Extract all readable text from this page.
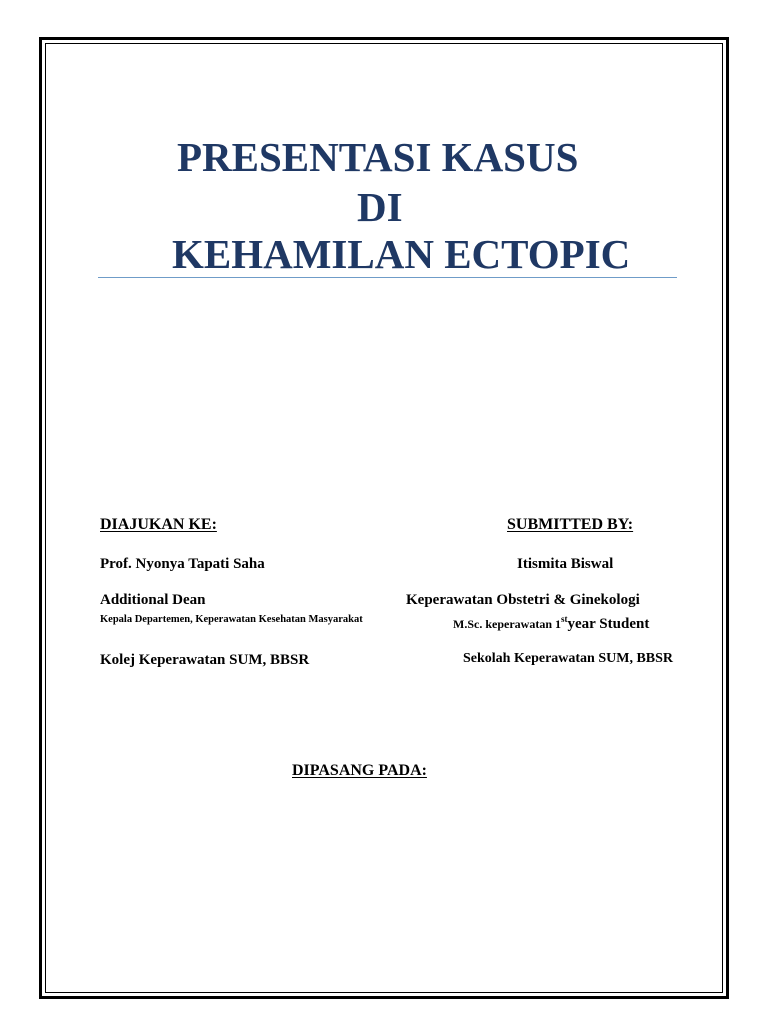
PRESENTASI KASUS
DI
KEHAMILAN ECTOPIC
DIAJUKAN KE:
Prof. Nyonya Tapati Saha
Additional Dean
Kepala Departemen, Keperawatan Kesehatan Masyarakat
Kolej Keperawatan SUM, BBSR
SUBMITTED BY:
Itismita Biswal
Keperawatan Obstetri & Ginekologi
M.Sc. keperawatan 1styear Student
Sekolah Keperawatan SUM, BBSR
DIPASANG PADA:
